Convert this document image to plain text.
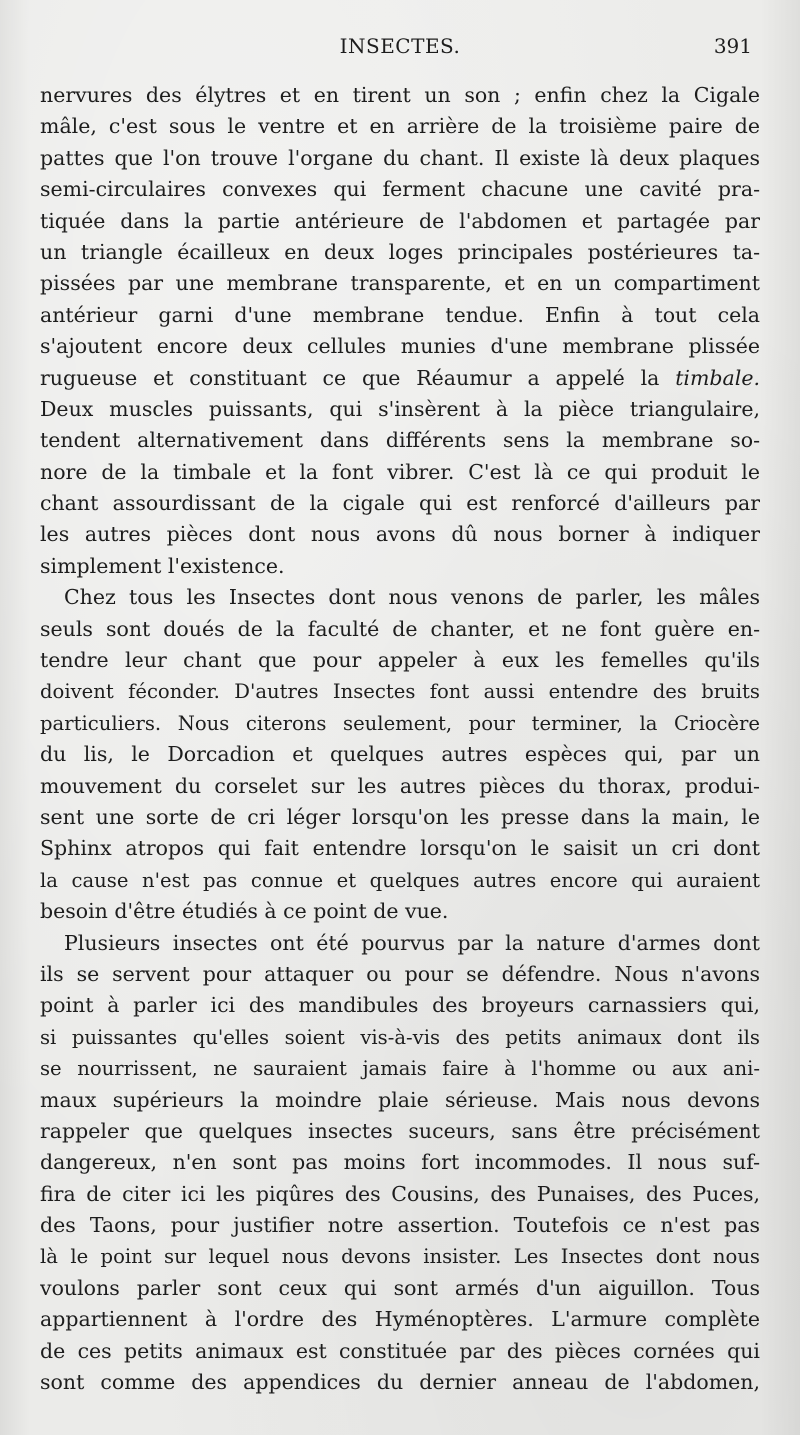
INSECTES.	391
nervures des élytres et en tirent un son ; enfin chez la Cigale
mâle, c'est sous le ventre et en arrière de la troisième paire de
pattes que l'on trouve l'organe du chant. Il existe là deux plaques
semi-circulaires convexes qui ferment chacune une cavité pra-
tiquée dans la partie antérieure de l'abdomen et partagée par
un triangle écailleux en deux loges principales postérieures ta-
pissées par une membrane transparente, et en un compartiment
antérieur garni d'une membrane tendue. Enfin à tout cela
s'ajoutent encore deux cellules munies d'une membrane plissée
rugueuse et constituant ce que Réaumur a appelé la timbale.
Deux muscles puissants, qui s'insèrent à la pièce triangulaire,
tendent alternativement dans différents sens la membrane so-
nore de la timbale et la font vibrer. C'est là ce qui produit le
chant assourdissant de la cigale qui est renforcé d'ailleurs par
les autres pièces dont nous avons dû nous borner à indiquer
simplement l'existence.
Chez tous les Insectes dont nous venons de parler, les mâles
seuls sont doués de la faculté de chanter, et ne font guère en-
tendre leur chant que pour appeler à eux les femelles qu'ils
doivent féconder. D'autres Insectes font aussi entendre des bruits
particuliers. Nous citerons seulement, pour terminer, la Criocère
du lis, le Dorcadion et quelques autres espèces qui, par un
mouvement du corselet sur les autres pièces du thorax, produi-
sent une sorte de cri léger lorsqu'on les presse dans la main, le
Sphinx atropos qui fait entendre lorsqu'on le saisit un cri dont
la cause n'est pas connue et quelques autres encore qui auraient
besoin d'être étudiés à ce point de vue.
Plusieurs insectes ont été pourvus par la nature d'armes dont
ils se servent pour attaquer ou pour se défendre. Nous n'avons
point à parler ici des mandibules des broyeurs carnassiers qui,
si puissantes qu'elles soient vis-à-vis des petits animaux dont ils
se nourrissent, ne sauraient jamais faire à l'homme ou aux ani-
maux supérieurs la moindre plaie sérieuse. Mais nous devons
rappeler que quelques insectes suceurs, sans être précisément
dangereux, n'en sont pas moins fort incommodes. Il nous suf-
fira de citer ici les piqûres des Cousins, des Punaises, des Puces,
des Taons, pour justifier notre assertion. Toutefois ce n'est pas
là le point sur lequel nous devons insister. Les Insectes dont nous
voulons parler sont ceux qui sont armés d'un aiguillon. Tous
appartiennent à l'ordre des Hyménoptères. L'armure complète
de ces petits animaux est constituée par des pièces cornées qui
sont comme des appendices du dernier anneau de l'abdomen,
